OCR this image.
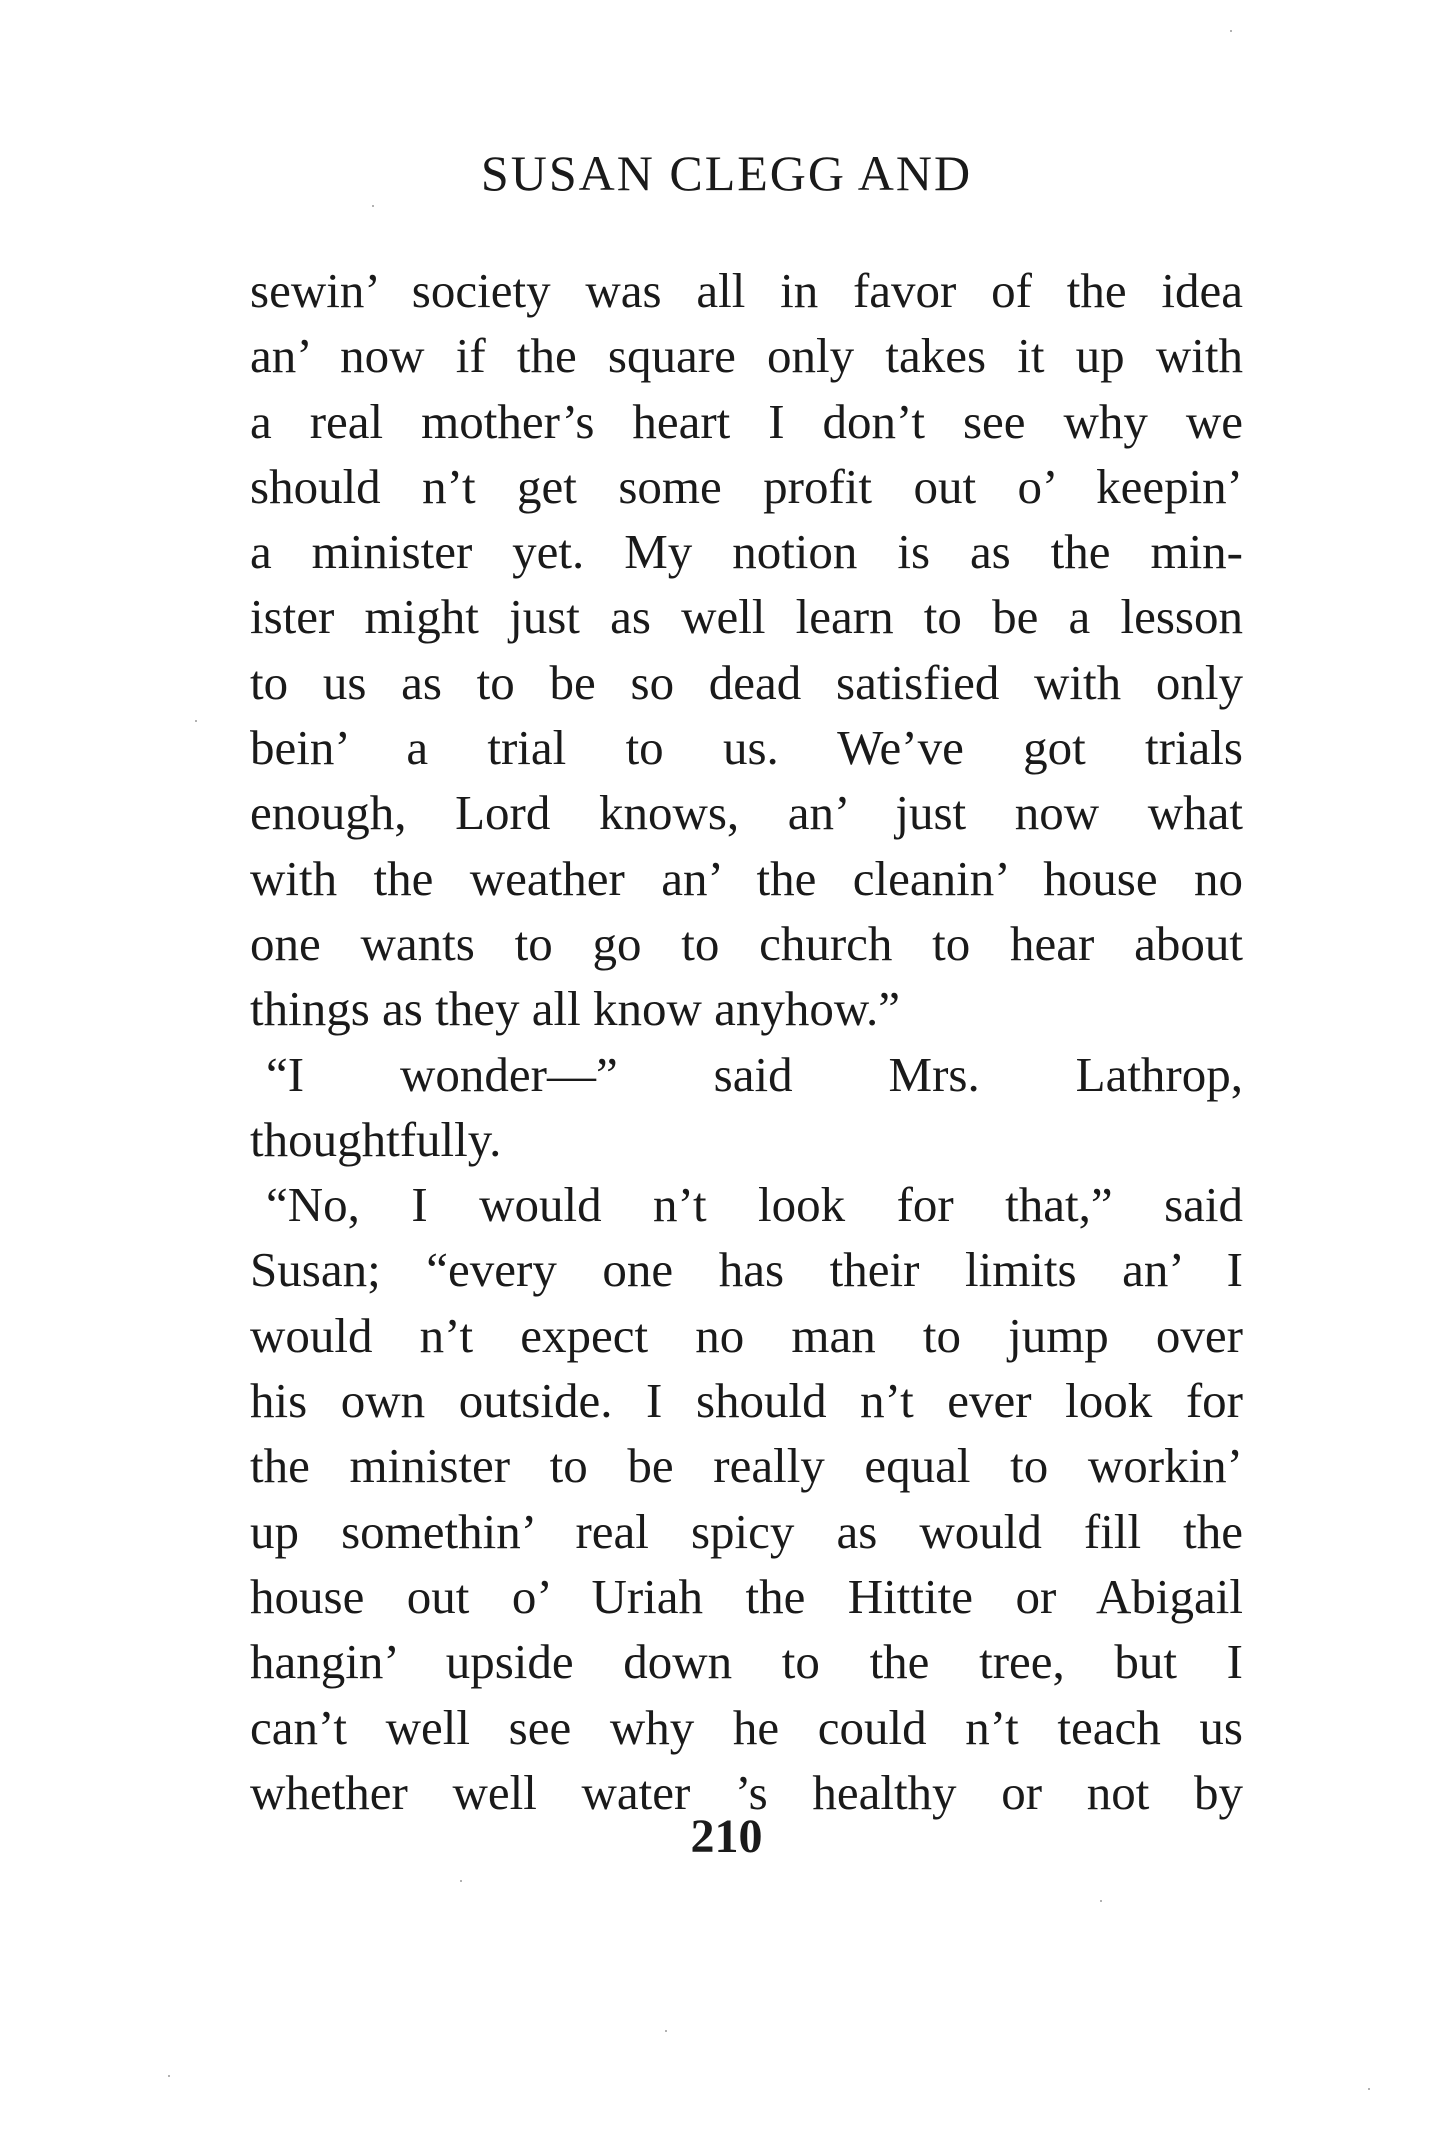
SUSAN CLEGG AND
sewin’ society was all in favor of the idea
an’ now if the square only takes it up with
a real mother’s heart I don’t see why we
should n’t get some profit out o’ keepin’
a minister yet. My notion is as the min-
ister might just as well learn to be a lesson
to us as to be so dead satisfied with only
bein’ a trial to us. We’ve got trials
enough, Lord knows, an’ just now what
with the weather an’ the cleanin’ house no
one wants to go to church to hear about
things as they all know anyhow.”
“I wonder—” said Mrs. Lathrop,
thoughtfully.
“No, I would n’t look for that,” said
Susan; “every one has their limits an’ I
would n’t expect no man to jump over
his own outside. I should n’t ever look for
the minister to be really equal to workin’
up somethin’ real spicy as would fill the
house out o’ Uriah the Hittite or Abigail
hangin’ upside down to the tree, but I
can’t well see why he could n’t teach us
whether well water ’s healthy or not by
210
